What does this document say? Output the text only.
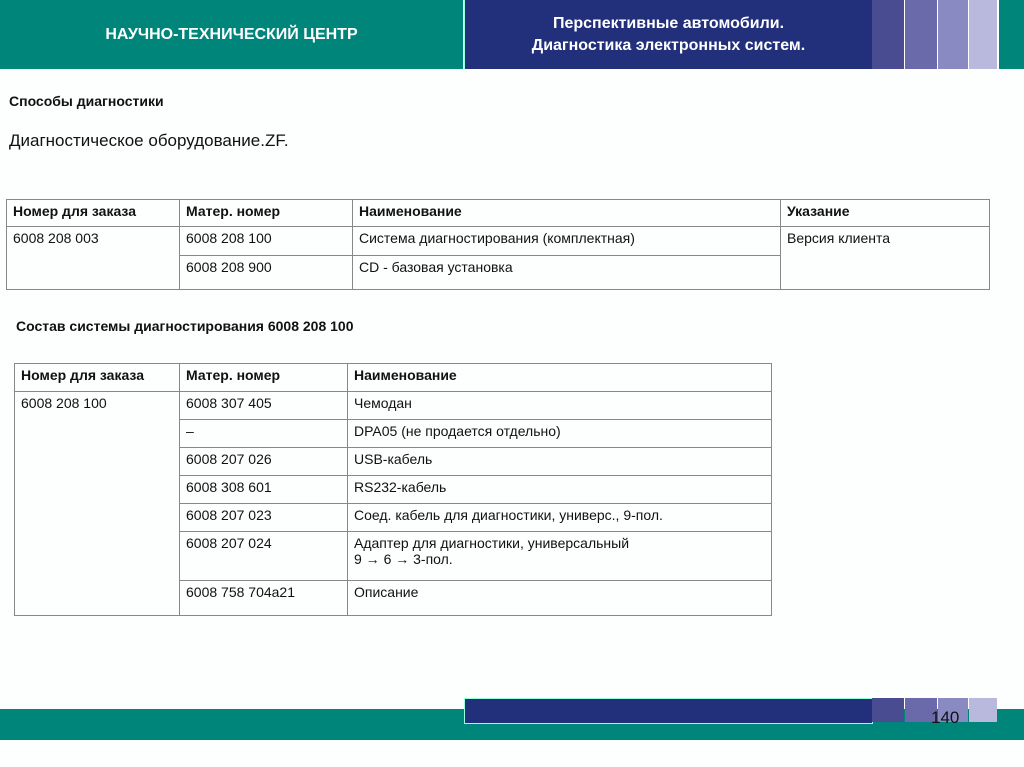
НАУЧНО-ТЕХНИЧЕСКИЙ ЦЕНТР
Перспективные автомобили.
Диагностика электронных систем.
Способы диагностики
Диагностическое оборудование.ZF.
Номер для заказа	Матер. номер	Наименование	Указание
6008 208 003	6008 208 100	Система диагностирования (комплектная)	Версия клиента
	6008 208 900	CD - базовая установка	
Состав системы диагностирования 6008 208 100
Номер для заказа	Матер. номер	Наименование
6008 208 100	6008 307 405	Чемодан
	–	DPA05 (не продается отдельно)
	6008 207 026	USB-кабель
	6008 308 601	RS232-кабель
	6008 207 023	Соед. кабель для диагностики, универс., 9-пол.
	6008 207 024	Адаптер для диагностики, универсальный
9 → 6 → 3-пол.

	6008 758 704a21	Описание
140
